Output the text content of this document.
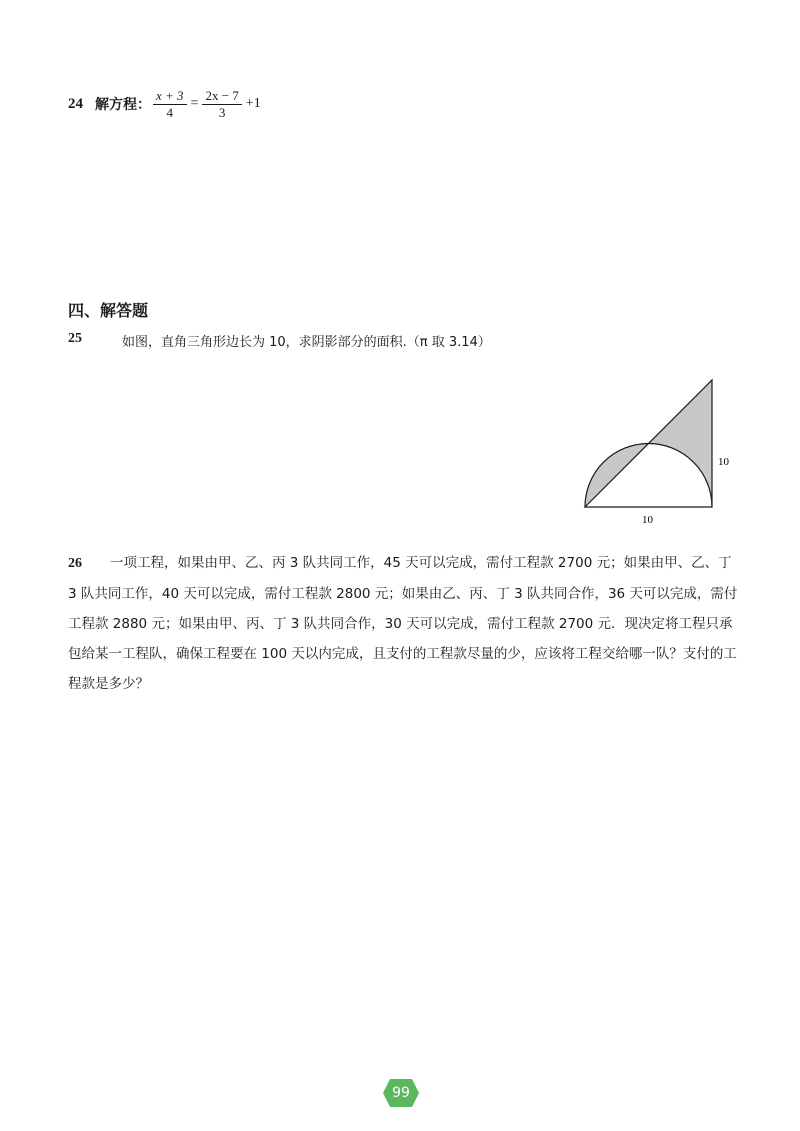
24 解方程： $\frac{x + 3}{4} = \frac{2x - 7}{3} +1$
四、解答题
25	如图，直角三角形边长为 10，求阴影部分的面积.（π 取 3.14）
10
10
26 一项工程，如果由甲、乙、丙 3 队共同工作，45 天可以完成，需付工程款 2700 元；如果由甲、乙、丁 3 队共同工作，40 天可以完成，需付工程款 2800 元；如果由乙、丙、丁 3 队共同合作，36 天可以完成，需付工程款 2880 元；如果由甲、丙、丁 3 队共同合作，30 天可以完成，需付工程款 2700 元．现决定将工程只承包给某一工程队，确保工程要在 100 天以内完成，且支付的工程款尽量的少，应该将工程交给哪一队？支付的工程款是多少？
99
